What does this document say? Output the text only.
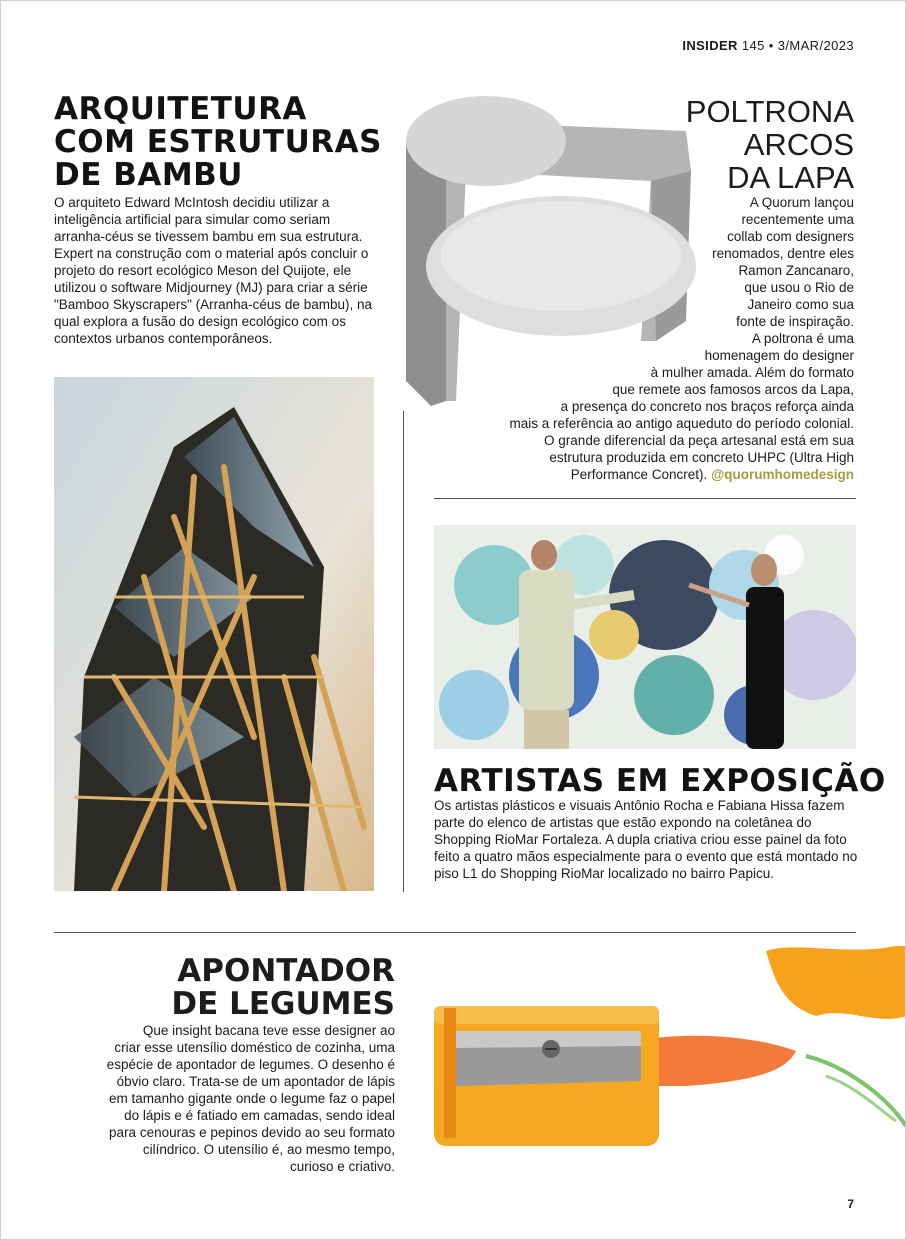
INSIDER 145 • 3/MAR/2023
ARQUITETURA COM ESTRUTURAS DE BAMBU

O arquiteto Edward McIntosh decidiu utilizar a inteligência artificial para simular como seriam arranha-céus se tivessem bambu em sua estrutura. Expert na construção com o material após concluir o projeto do resort ecológico Meson del Quijote, ele utilizou o software Midjourney (MJ) para criar a série "Bamboo Skyscrapers" (Arranha-céus de bambu), na qual explora a fusão do design ecológico com os contextos urbanos contemporâneos.

POLTRONA
ARCOS
DA LAPA
A Quorum lançou
recentemente uma
collab com designers
renomados, dentre eles
Ramon Zancanaro,
que usou o Rio de
Janeiro como sua
fonte de inspiração.
A poltrona é uma
homenagem do designer
à mulher amada. Além do formato
que remete aos famosos arcos da Lapa,
a presença do concreto nos braços reforça ainda
mais a referência ao antigo aqueduto do período colonial.
O grande diferencial da peça artesanal está em sua
estrutura produzida em concreto UHPC (Ultra High
Performance Concret). @quorumhomedesign
ARTISTAS EM EXPOSIÇÃO

Os artistas plásticos e visuais Antônio Rocha e Fabiana Hissa fazem parte do elenco de artistas que estão expondo na coletânea do Shopping RioMar Fortaleza. A dupla criativa criou esse painel da foto feito a quatro mãos especialmente para o evento que está montado no piso L1 do Shopping RioMar localizado no bairro Papicu.

APONTADOR
DE LEGUMES
Que insight bacana teve esse designer ao
criar esse utensílio doméstico de cozinha, uma
espécie de apontador de legumes. O desenho é
óbvio claro. Trata-se de um apontador de lápis
em tamanho gigante onde o legume faz o papel
do lápis e é fatiado em camadas, sendo ideal
para cenouras e pepinos devido ao seu formato
cilíndrico. O utensílio é, ao mesmo tempo,
curioso e criativo.
7
